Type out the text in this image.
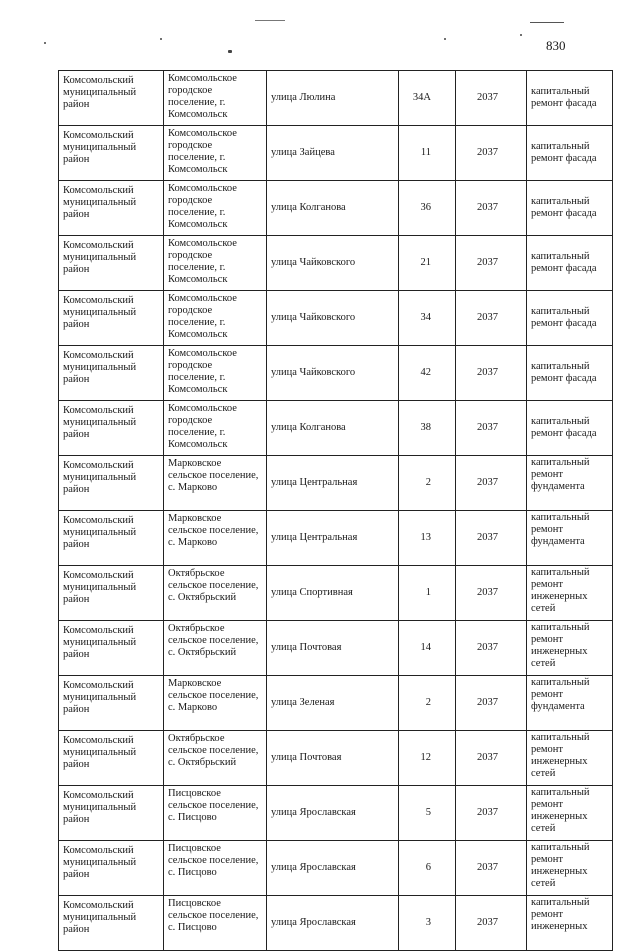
830
Комсомольский муниципальный район	Комсомольское городское поселение, г. Комсомольск	улица Люлина	34А	2037	капитальный ремонт фасада
Комсомольский муниципальный район	Комсомольское городское поселение, г. Комсомольск	улица Зайцева	11	2037	капитальный ремонт фасада
Комсомольский муниципальный район	Комсомольское городское поселение, г. Комсомольск	улица Колганова	36	2037	капитальный ремонт фасада
Комсомольский муниципальный район	Комсомольское городское поселение, г. Комсомольск	улица Чайковского	21	2037	капитальный ремонт фасада
Комсомольский муниципальный район	Комсомольское городское поселение, г. Комсомольск	улица Чайковского	34	2037	капитальный ремонт фасада
Комсомольский муниципальный район	Комсомольское городское поселение, г. Комсомольск	улица Чайковского	42	2037	капитальный ремонт фасада
Комсомольский муниципальный район	Комсомольское городское поселение, г. Комсомольск	улица Колганова	38	2037	капитальный ремонт фасада
Комсомольский муниципальный район	Марковское сельское поселение, с. Марково	улица Центральная	2	2037	капитальный ремонт фундамента
Комсомольский муниципальный район	Марковское сельское поселение, с. Марково	улица Центральная	13	2037	капитальный ремонт фундамента
Комсомольский муниципальный район	Октябрьское сельское поселение, с. Октябрьский	улица Спортивная	1	2037	капитальный ремонт инженерных сетей
Комсомольский муниципальный район	Октябрьское сельское поселение, с. Октябрьский	улица Почтовая	14	2037	капитальный ремонт инженерных сетей
Комсомольский муниципальный район	Марковское сельское поселение, с. Марково	улица Зеленая	2	2037	капитальный ремонт фундамента
Комсомольский муниципальный район	Октябрьское сельское поселение, с. Октябрьский	улица Почтовая	12	2037	капитальный ремонт инженерных сетей
Комсомольский муниципальный район	Писцовское сельское поселение, с. Писцово	улица Ярославская	5	2037	капитальный ремонт инженерных сетей
Комсомольский муниципальный район	Писцовское сельское поселение, с. Писцово	улица Ярославская	6	2037	капитальный ремонт инженерных сетей
Комсомольский муниципальный район	Писцовское сельское поселение, с. Писцово	улица Ярославская	3	2037	капитальный ремонт инженерных
